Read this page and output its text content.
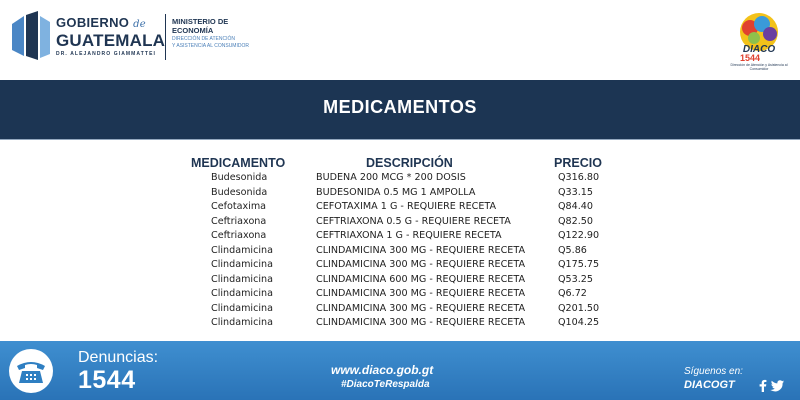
GOBIERNO de
GUATEMALA
DR. ALEJANDRO GIAMMATTEI
MINISTERIO DE
ECONOMÍA
DIRECCIÓN DE ATENCIÓN
Y ASISTENCIA AL CONSUMIDOR	DIACO
1544
Dirección de Atención y Asistencia al Consumidor
MEDICAMENTOS
MEDICAMENTO	DESCRIPCIÓN	PRECIO
Budesonida	BUDENA 200 MCG * 200 DOSIS	Q316.80
Budesonida	BUDESONIDA 0.5 MG 1 AMPOLLA	Q33.15
Cefotaxima	CEFOTAXIMA 1 G - REQUIERE RECETA	Q84.40
Ceftriaxona	CEFTRIAXONA 0.5 G - REQUIERE RECETA	Q82.50
Ceftriaxona	CEFTRIAXONA 1 G - REQUIERE RECETA	Q122.90
Clindamicina	CLINDAMICINA 300 MG - REQUIERE RECETA	Q5.86
Clindamicina	CLINDAMICINA 300 MG - REQUIERE RECETA	Q175.75
Clindamicina	CLINDAMICINA 600 MG - REQUIERE RECETA	Q53.25
Clindamicina	CLINDAMICINA 300 MG - REQUIERE RECETA	Q6.72
Clindamicina	CLINDAMICINA 300 MG - REQUIERE RECETA	Q201.50
Clindamicina	CLINDAMICINA 300 MG - REQUIERE RECETA	Q104.25
Denuncias:
1544	www.diaco.gob.gt
#DiacoTeRespalda
Síguenos en:
DIACOGT
